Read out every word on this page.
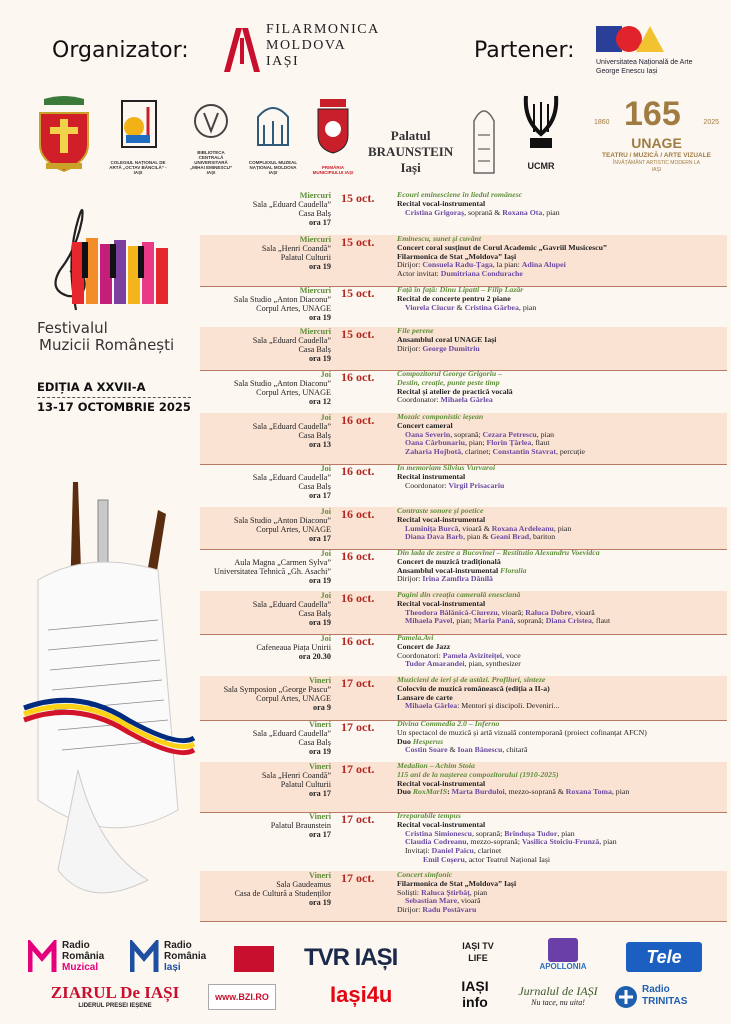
Organizator:
FILARMONICA
MOLDOVA
IAȘI	Partener:	Universitatea Națională de Arte
George Enescu Iași
COLEGIUL NAȚIONAL DE ARTĂ „OCTAV BĂNCILĂ” - IAȘI
BIBLIOTECA CENTRALĂ UNIVERSITARĂ „MIHAI EMINESCU” IAȘI
COMPLEXUL MUZEAL NAȚIONAL MOLDOVA IAȘI
PRIMĂRIA MUNICIPIULUI IAȘI
Palatul
BRAUNSTEIN
Iași	UCMR
1860 165	2025
UNAGE
TEATRU / MUZICĂ / ARTE VIZUALE
ÎNVĂȚĂMÂNT ARTISTIC MODERN LA IAȘI
Festivalul
Muzicii Românești
EDIȚIA A XXVII-A
13-17 OCTOMBRIE 2025
Miercuri
Sala „Eduard Caudella”
Casa Balș
ora 17
15 oct.	Ecouri eminesciene în liedul românesc
Recital vocal-instrumental
Cristina Grigoraș, soprană & Roxana Ota, pian
Miercuri
Sala „Henri Coandă”
Palatul Culturii
ora 19
15 oct.	Eminescu, sunet și cuvânt
Concert coral susținut de Corul Academic „Gavriil Musicescu”
Filarmonica de Stat „Moldova” Iași
Dirijor: Consuela Radu-Țaga, la pian: Adina Alupei
Actor invitat: Dumitriana Condurache
Miercuri
Sala Studio „Anton Diaconu”
Corpul Artes, UNAGE
ora 19
15 oct.	Față în față: Dinu Lipatti – Filip Lazăr
Recital de concerte pentru 2 piane
Viorela Ciucur & Cristina Gârbea, pian
Miercuri
Sala „Eduard Caudella”
Casa Balș
ora 19
15 oct.	File perene
Ansamblul coral UNAGE Iași
Dirijor: George Dumitriu
Joi
Sala Studio „Anton Diaconu”
Corpul Artes, UNAGE
ora 12
16 oct.	Compozitorul George Grigoriu –
Destin, creație, punte peste timp
Recital și atelier de practică vocală
Coordonator: Mihaela Gârlea
Joi
Sala „Eduard Caudella”
Casa Balș
ora 13
16 oct.	Mozaic componistic ieșean
Concert cameral
Oana Severin, soprană; Cezara Petrescu, pian
Oana Cărbunariu, pian; Florin Țârlea, flaut
Zaharia Hojbotă, clarinet; Constantin Stavrat, percuție
Joi
Sala „Eduard Caudella”
Casa Balș
ora 17
16 oct.	In memoriam Silvius Vurvaroi
Recital instrumental
Coordonator: Virgil Prisacariu
Joi
Sala Studio „Anton Diaconu”
Corpul Artes, UNAGE
ora 17
16 oct.	Contraste sonore și poetice
Recital vocal-instrumental
Luminița Burcă, vioară & Roxana Ardeleanu, pian
Diana Dava Barb, pian & Geani Brad, bariton
Joi
Aula Magna „Carmen Sylva”
Universitatea Tehnică „Gh. Asachi”
ora 19
16 oct.	Din lada de zestre a Bucovinei – Restitutio Alexandru Voevidca
Concert de muzică tradițională
Ansamblul vocal-instrumental Floralia
Dirijor: Irina Zamfira Dănilă
Joi
Sala „Eduard Caudella”
Casa Balș
ora 19
16 oct.	Pagini din creația camerală enesciană
Recital vocal-instrumental
Theodora Bălănică-Ciurezu, vioară; Raluca Dobre, vioară
Mihaela Pavel, pian; Maria Pană, soprană; Diana Cristea, flaut
Joi
Cafeneaua Piața Unirii
ora 20.30
16 oct.	Pamela.Avi
Concert de Jazz
Coordonatori: Pamela Aviziteiței, voce
Tudor Amarandei, pian, synthesizer
Vineri
Sala Symposion „George Pascu”
Corpul Artes, UNAGE
ora 9
17 oct.	Muzicieni de ieri și de astăzi. Profiluri, sinteze
Colocviu de muzică românească (ediția a II-a)
Lansare de carte
Mihaela Gârlea: Mentori și discipoli. Deveniri...
Vineri
Sala „Eduard Caudella”
Casa Balș
ora 19
17 oct.	Divina Commedia 2.0 – Inferno
Un spectacol de muzică și artă vizuală contemporană (proiect cofinanțat AFCN)
Duo Hesperus
Costin Soare & Ioan Bănescu, chitară
Vineri
Sala „Henri Coandă”
Palatul Culturii
ora 17
17 oct.	Medalion – Achim Stoia
115 ani de la nașterea compozitorului (1910-2025)
Recital vocal-instrumental
Duo RoxMarIS: Marta Burduloi, mezzo-soprană & Roxana Toma, pian
Vineri
Palatul Braunstein
ora 17
17 oct.	Irreparabile tempus
Recital vocal-instrumental
Cristina Simionescu, soprană; Brîndușa Tudor, pian
Claudia Codreanu, mezzo-soprană; Vasilica Stoiciu-Frunză, pian
Invitați: Daniel Paicu, clarinet
Emil Coșeru, actor Teatrul Național Iași
Vineri
Sala Gaudeamus
Casa de Cultură a Studenților
ora 19
17 oct.	Concert simfonic
Filarmonica de Stat „Moldova” Iași
Soliști: Raluca Știrbăț, pian
Sebastian Mare, vioară
Dirijor: Radu Postăvaru
Radio
România
Muzical
Radio
România
Iași	TVR IAȘI	IAȘI TV LIFE
APOLLONIA	Tele
ZIARUL De IAȘI
LIDERUL PRESEI IEȘENE
www.BZI.RO	Iași4u	IAȘI info
Jurnalul de IAȘI
Nu tace, nu uita!
Radio
TRINITAS
